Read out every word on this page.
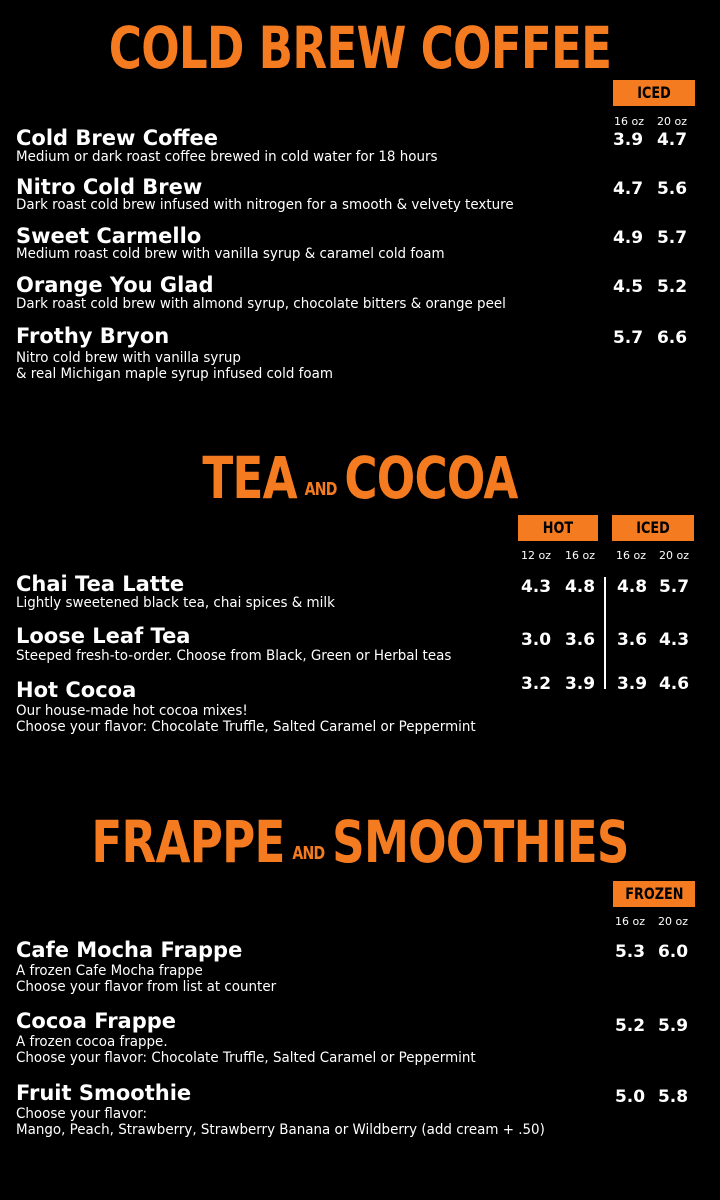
COLD BREW COFFEE
ICED
16 oz	20 oz
Cold Brew Coffee
Medium or dark roast coffee brewed in cold water for 18 hours
3.9 4.7
Nitro Cold Brew
Dark roast cold brew infused with nitrogen for a smooth & velvety texture
4.7 5.6
Sweet Carmello
Medium roast cold brew with vanilla syrup & caramel cold foam
4.9 5.7
Orange You Glad
Dark roast cold brew with almond syrup, chocolate bitters & orange peel
4.5 5.2
Frothy Bryon
Nitro cold brew with vanilla syrup
& real Michigan maple syrup infused cold foam
5.7 6.6
TEA AND COCOA
HOT	ICED
12 oz	16 oz	16 oz	20 oz
Chai Tea Latte
Lightly sweetened black tea, chai spices & milk
4.3 4.8	4.8 5.7
Loose Leaf Tea
Steeped fresh-to-order. Choose from Black, Green or Herbal teas
3.0 3.6	3.6 4.3
Hot Cocoa
Our house-made hot cocoa mixes!
Choose your flavor: Chocolate Truffle, Salted Caramel or Peppermint
3.2 3.9	3.9 4.6
FRAPPE AND SMOOTHIES
FROZEN
16 oz	20 oz
Cafe Mocha Frappe
A frozen Cafe Mocha frappe
Choose your flavor from list at counter
5.3 6.0
Cocoa Frappe
A frozen cocoa frappe.
Choose your flavor: Chocolate Truffle, Salted Caramel or Peppermint
5.2 5.9
Fruit Smoothie
Choose your flavor:
Mango, Peach, Strawberry, Strawberry Banana or Wildberry (add cream + .50)
5.0 5.8
